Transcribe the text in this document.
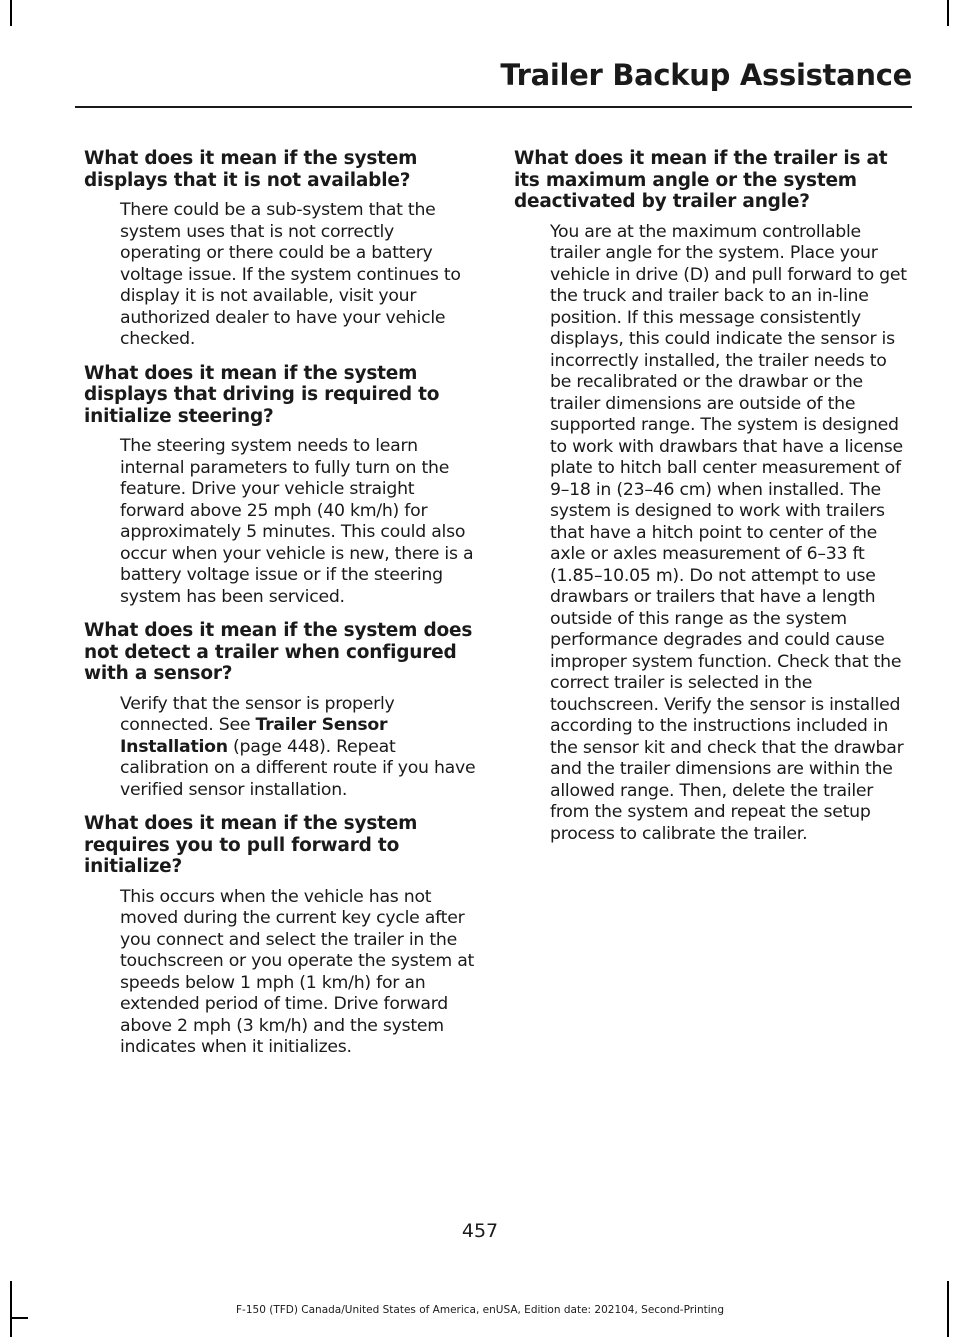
Trailer Backup Assistance

What does it mean if the system displays that it is not available?

There could be a sub-system that the system uses that is not correctly operating or there could be a battery voltage issue. If the system continues to display it is not available, visit your authorized dealer to have your vehicle checked.

What does it mean if the system displays that driving is required to initialize steering?

The steering system needs to learn internal parameters to fully turn on the feature. Drive your vehicle straight forward above 25 mph (40 km/h) for approximately 5 minutes. This could also occur when your vehicle is new, there is a battery voltage issue or if the steering system has been serviced.

What does it mean if the system does not detect a trailer when configured with a sensor?

Verify that the sensor is properly connected. See Trailer Sensor Installation (page 448). Repeat calibration on a different route if you have verified sensor installation.

What does it mean if the system requires you to pull forward to initialize?

This occurs when the vehicle has not moved during the current key cycle after you connect and select the trailer in the touchscreen or you operate the system at speeds below 1 mph (1 km/h) for an extended period of time. Drive forward above 2 mph (3 km/h) and the system indicates when it initializes.

What does it mean if the trailer is at its maximum angle or the system deactivated by trailer angle?

You are at the maximum controllable trailer angle for the system. Place your vehicle in drive (D) and pull forward to get the truck and trailer back to an in-line position. If this message consistently displays, this could indicate the sensor is incorrectly installed, the trailer needs to be recalibrated or the drawbar or the trailer dimensions are outside of the supported range. The system is designed to work with drawbars that have a license plate to hitch ball center measurement of 9–18 in (23–46 cm) when installed. The system is designed to work with trailers that have a hitch point to center of the axle or axles measurement of 6–33 ft (1.85–10.05 m). Do not attempt to use drawbars or trailers that have a length outside of this range as the system performance degrades and could cause improper system function. Check that the correct trailer is selected in the touchscreen. Verify the sensor is installed according to the instructions included in the sensor kit and check that the drawbar and the trailer dimensions are within the allowed range. Then, delete the trailer from the system and repeat the setup process to calibrate the trailer.

457
F-150 (TFD) Canada/United States of America, enUSA, Edition date: 202104, Second-Printing
